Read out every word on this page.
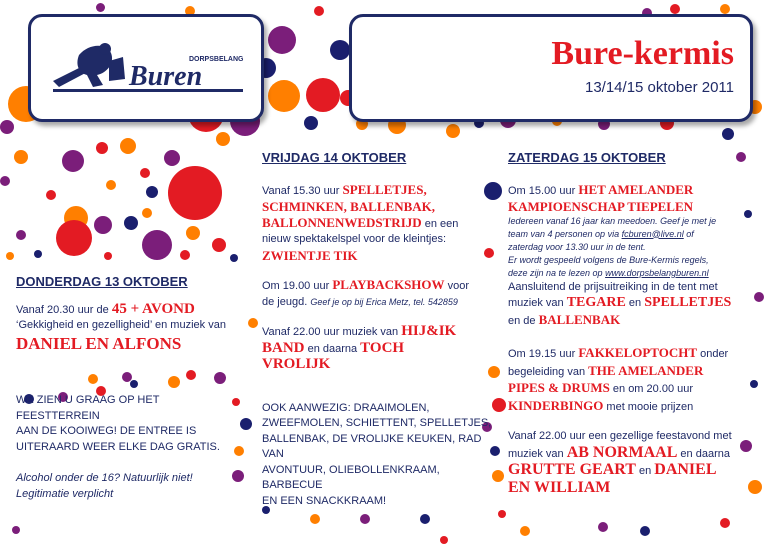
DORPSBELANG
Buren
Bure-kermis
13/14/15 oktober 2011

DONDERDAG 13 OKTOBER

Vanaf 20.30 uur de 45 + AVOND

‘Gekkigheid en gezelligheid’ en muziek van

DANIEL EN ALFONS

WE ZIEN U GRAAG OP HET FEESTTERREIN

AAN DE KOOIWEG! DE ENTREE IS

UITERAARD WEER ELKE DAG GRATIS.

Alcohol onder de 16? Natuurlijk niet!

Legitimatie verplicht

VRIJDAG 14 OKTOBER

Vanaf 15.30 uur SPELLETJES,

SCHMINKEN, BALLENBAK,

BALLONNENWEDSTRIJD en een

nieuw spektakelspel voor de kleintjes:

ZWIENTJE TIK

Om 19.00 uur PLAYBACKSHOW voor

de jeugd. Geef je op bij Erica Metz, tel. 542859

Vanaf 22.00 uur muziek van HIJ&IK

BAND en daarna TOCH

VROLIJK

OOK AANWEZIG: DRAAIMOLEN,

ZWEEFMOLEN, SCHIETTENT, SPELLETJES,

BALLENBAK, DE VROLIJKE KEUKEN, RAD VAN

AVONTUUR, OLIEBOLLENKRAAM, BARBECUE

EN EEN SNACKKRAAM!

ZATERDAG 15 OKTOBER

Om 15.00 uur HET AMELANDER

KAMPIOENSCHAP TIEPELEN

Iedereen vanaf 16 jaar kan meedoen. Geef je met je

team van 4 personen op via fcburen@live.nl of

zaterdag voor 13.30 uur in de tent.

Er wordt gespeeld volgens de Bure-Kermis regels,

deze zijn na te lezen op www.dorpsbelangburen.nl

Aansluitend de prijsuitreiking in de tent met

muziek van TEGARE en SPELLETJES

en de BALLENBAK

Om 19.15 uur FAKKELOPTOCHT onder

begeleiding van THE AMELANDER

PIPES & DRUMS en om 20.00 uur

KINDERBINGO met mooie prijzen

Vanaf 22.00 uur een gezellige feestavond met

muziek van AB NORMAAL en daarna

GRUTTE GEART en DANIEL

EN WILLIAM
